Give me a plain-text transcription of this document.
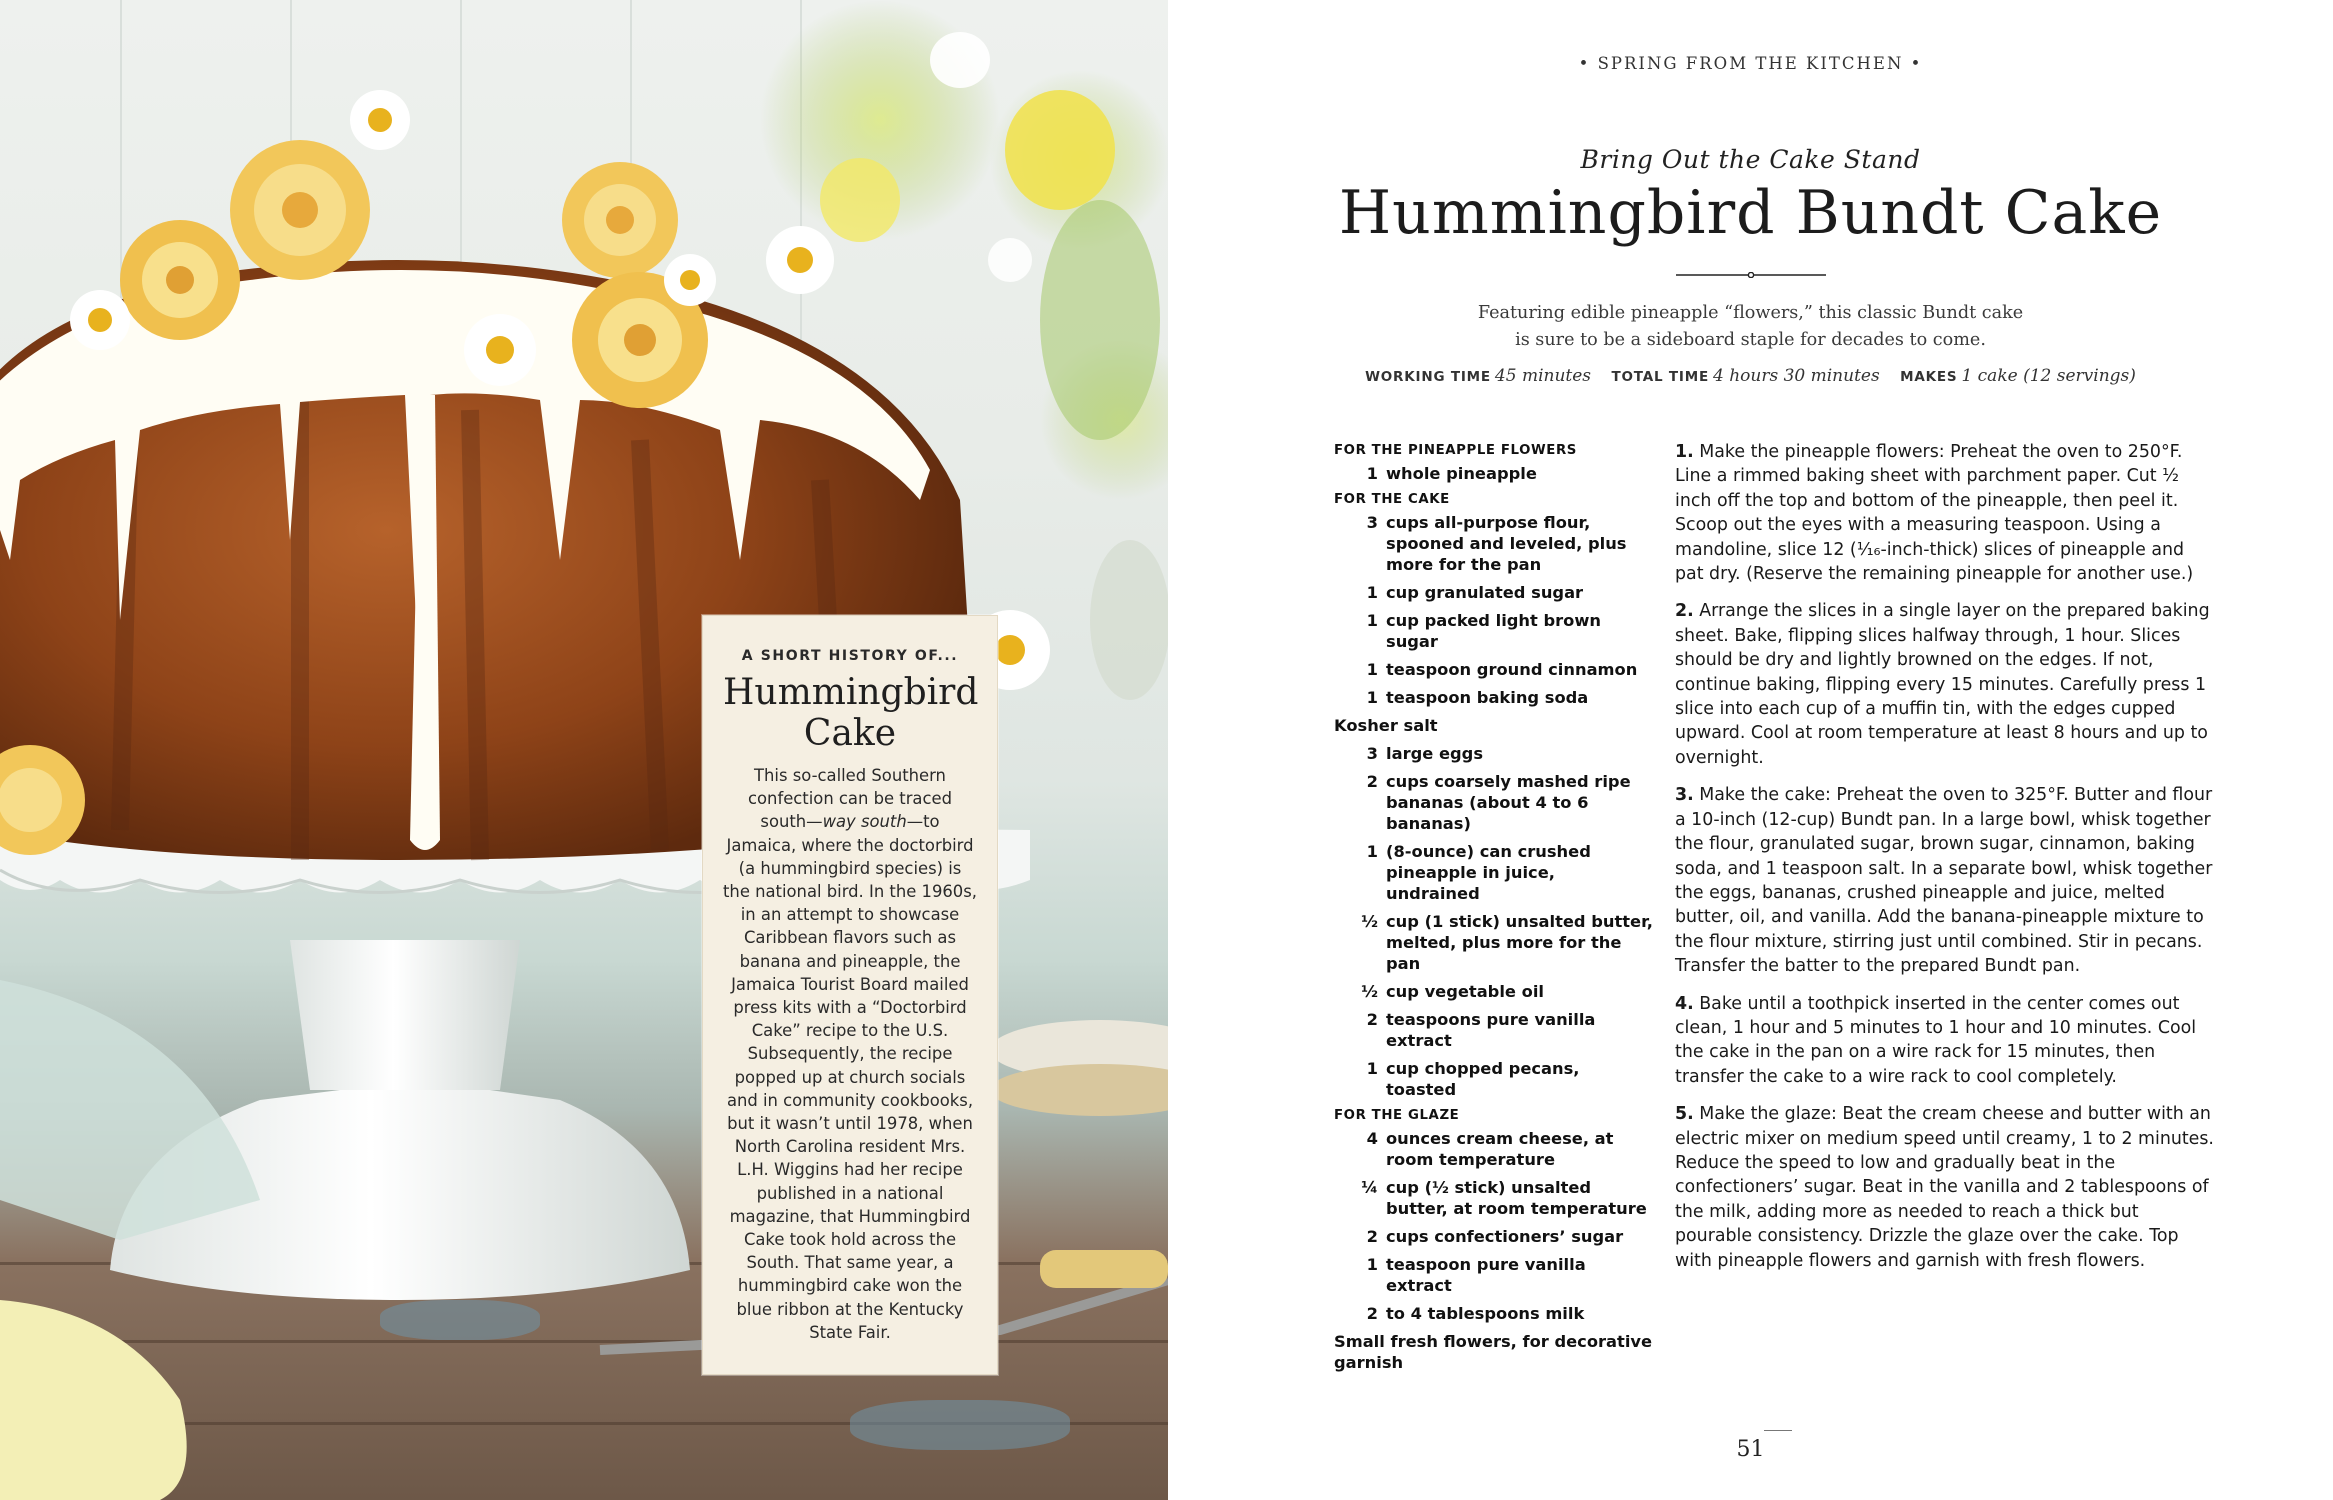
A SHORT HISTORY OF...
Hummingbird Cake
This so-called Southern confection can be traced south—way south—to Jamaica, where the doctorbird (a hummingbird species) is the national bird. In the 1960s, in an attempt to showcase Caribbean flavors such as banana and pineapple, the Jamaica Tourist Board mailed press kits with a “Doctorbird Cake” recipe to the U.S. Subsequently, the recipe popped up at church socials and in community cookbooks, but it wasn’t until 1978, when North Carolina resident Mrs. L.H. Wiggins had her recipe published in a national magazine, that Hummingbird Cake took hold across the South. That same year, a hummingbird cake won the blue ribbon at the Kentucky State Fair.
• SPRING FROM THE KITCHEN •
Bring Out the Cake Stand
Hummingbird Bundt Cake
Featuring edible pineapple “flowers,” this classic Bundt cake is sure to be a sideboard staple for decades to come.
WORKING TIME 45 minutes TOTAL TIME 4 hours 30 minutes MAKES 1 cake (12 servings)
FOR THE PINEAPPLE FLOWERS
1 whole pineapple
FOR THE CAKE
3 cups all-purpose flour, spooned and leveled, plus more for the pan
1 cup granulated sugar
1 cup packed light brown sugar
1 teaspoon ground cinnamon
1 teaspoon baking soda
Kosher salt
3 large eggs
2 cups coarsely mashed ripe bananas (about 4 to 6 bananas)
1 (8-ounce) can crushed pineapple in juice, undrained
½ cup (1 stick) unsalted butter, melted, plus more for the pan
½ cup vegetable oil
2 teaspoons pure vanilla extract
1 cup chopped pecans, toasted
FOR THE GLAZE
4 ounces cream cheese, at room temperature
¼ cup (½ stick) unsalted butter, at room temperature
2 cups confectioners’ sugar
1 teaspoon pure vanilla extract
2 to 4 tablespoons milk
Small fresh flowers, for decorative garnish
1. Make the pineapple flowers: Preheat the oven to 250°F. Line a rimmed baking sheet with parchment paper. Cut ½ inch off the top and bottom of the pineapple, then peel it. Scoop out the eyes with a measuring teaspoon. Using a mandoline, slice 12 (⅟₁₆-inch-thick) slices of pineapple and pat dry. (Reserve the remaining pineapple for another use.)
2. Arrange the slices in a single layer on the prepared baking sheet. Bake, flipping slices halfway through, 1 hour. Slices should be dry and lightly browned on the edges. If not, continue baking, flipping every 15 minutes. Carefully press 1 slice into each cup of a muffin tin, with the edges cupped upward. Cool at room temperature at least 8 hours and up to overnight.
3. Make the cake: Preheat the oven to 325°F. Butter and flour a 10-inch (12-cup) Bundt pan. In a large bowl, whisk together the flour, granulated sugar, brown sugar, cinnamon, baking soda, and 1 teaspoon salt. In a separate bowl, whisk together the eggs, bananas, crushed pineapple and juice, melted butter, oil, and vanilla. Add the banana-pineapple mixture to the flour mixture, stirring just until combined. Stir in pecans. Transfer the batter to the prepared Bundt pan.
4. Bake until a toothpick inserted in the center comes out clean, 1 hour and 5 minutes to 1 hour and 10 minutes. Cool the cake in the pan on a wire rack for 15 minutes, then transfer the cake to a wire rack to cool completely.
5. Make the glaze: Beat the cream cheese and butter with an electric mixer on medium speed until creamy, 1 to 2 minutes. Reduce the speed to low and gradually beat in the confectioners’ sugar. Beat in the vanilla and 2 tablespoons of the milk, adding more as needed to reach a thick but pourable consistency. Drizzle the glaze over the cake. Top with pineapple flowers and garnish with fresh flowers.
51
